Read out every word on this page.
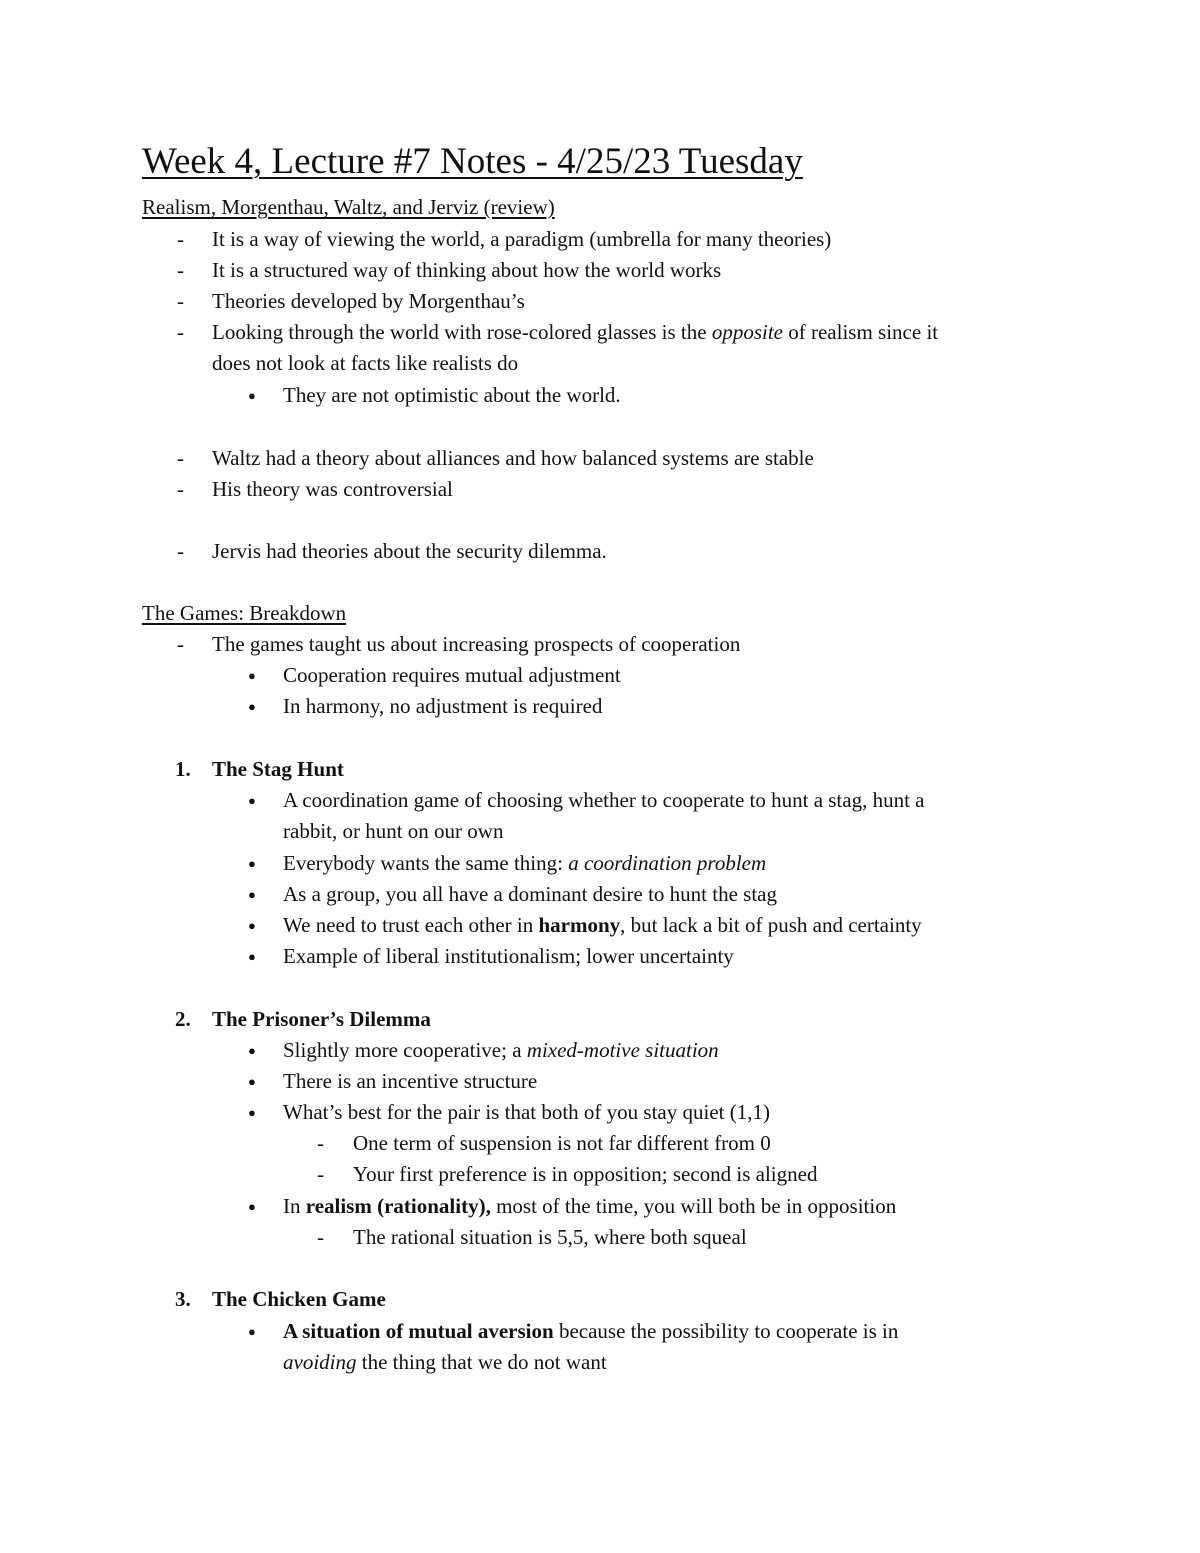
Week 4, Lecture #7 Notes - 4/25/23 Tuesday
Realism, Morgenthau, Waltz, and Jerviz (review)
- It is a way of viewing the world, a paradigm (umbrella for many theories)
- It is a structured way of thinking about how the world works
- Theories developed by Morgenthau’s
- Looking through the world with rose-colored glasses is the opposite of realism since it
does not look at facts like realists do
● They are not optimistic about the world.
- Waltz had a theory about alliances and how balanced systems are stable
- His theory was controversial
- Jervis had theories about the security dilemma.
The Games: Breakdown
- The games taught us about increasing prospects of cooperation
● Cooperation requires mutual adjustment
● In harmony, no adjustment is required
1. The Stag Hunt
● A coordination game of choosing whether to cooperate to hunt a stag, hunt a
rabbit, or hunt on our own
● Everybody wants the same thing: a coordination problem
● As a group, you all have a dominant desire to hunt the stag
● We need to trust each other in harmony, but lack a bit of push and certainty
● Example of liberal institutionalism; lower uncertainty
2. The Prisoner’s Dilemma
● Slightly more cooperative; a mixed-motive situation
● There is an incentive structure
● What’s best for the pair is that both of you stay quiet (1,1)
- One term of suspension is not far different from 0
- Your first preference is in opposition; second is aligned
● In realism (rationality), most of the time, you will both be in opposition
- The rational situation is 5,5, where both squeal
3. The Chicken Game
● A situation of mutual aversion because the possibility to cooperate is in
avoiding the thing that we do not want
